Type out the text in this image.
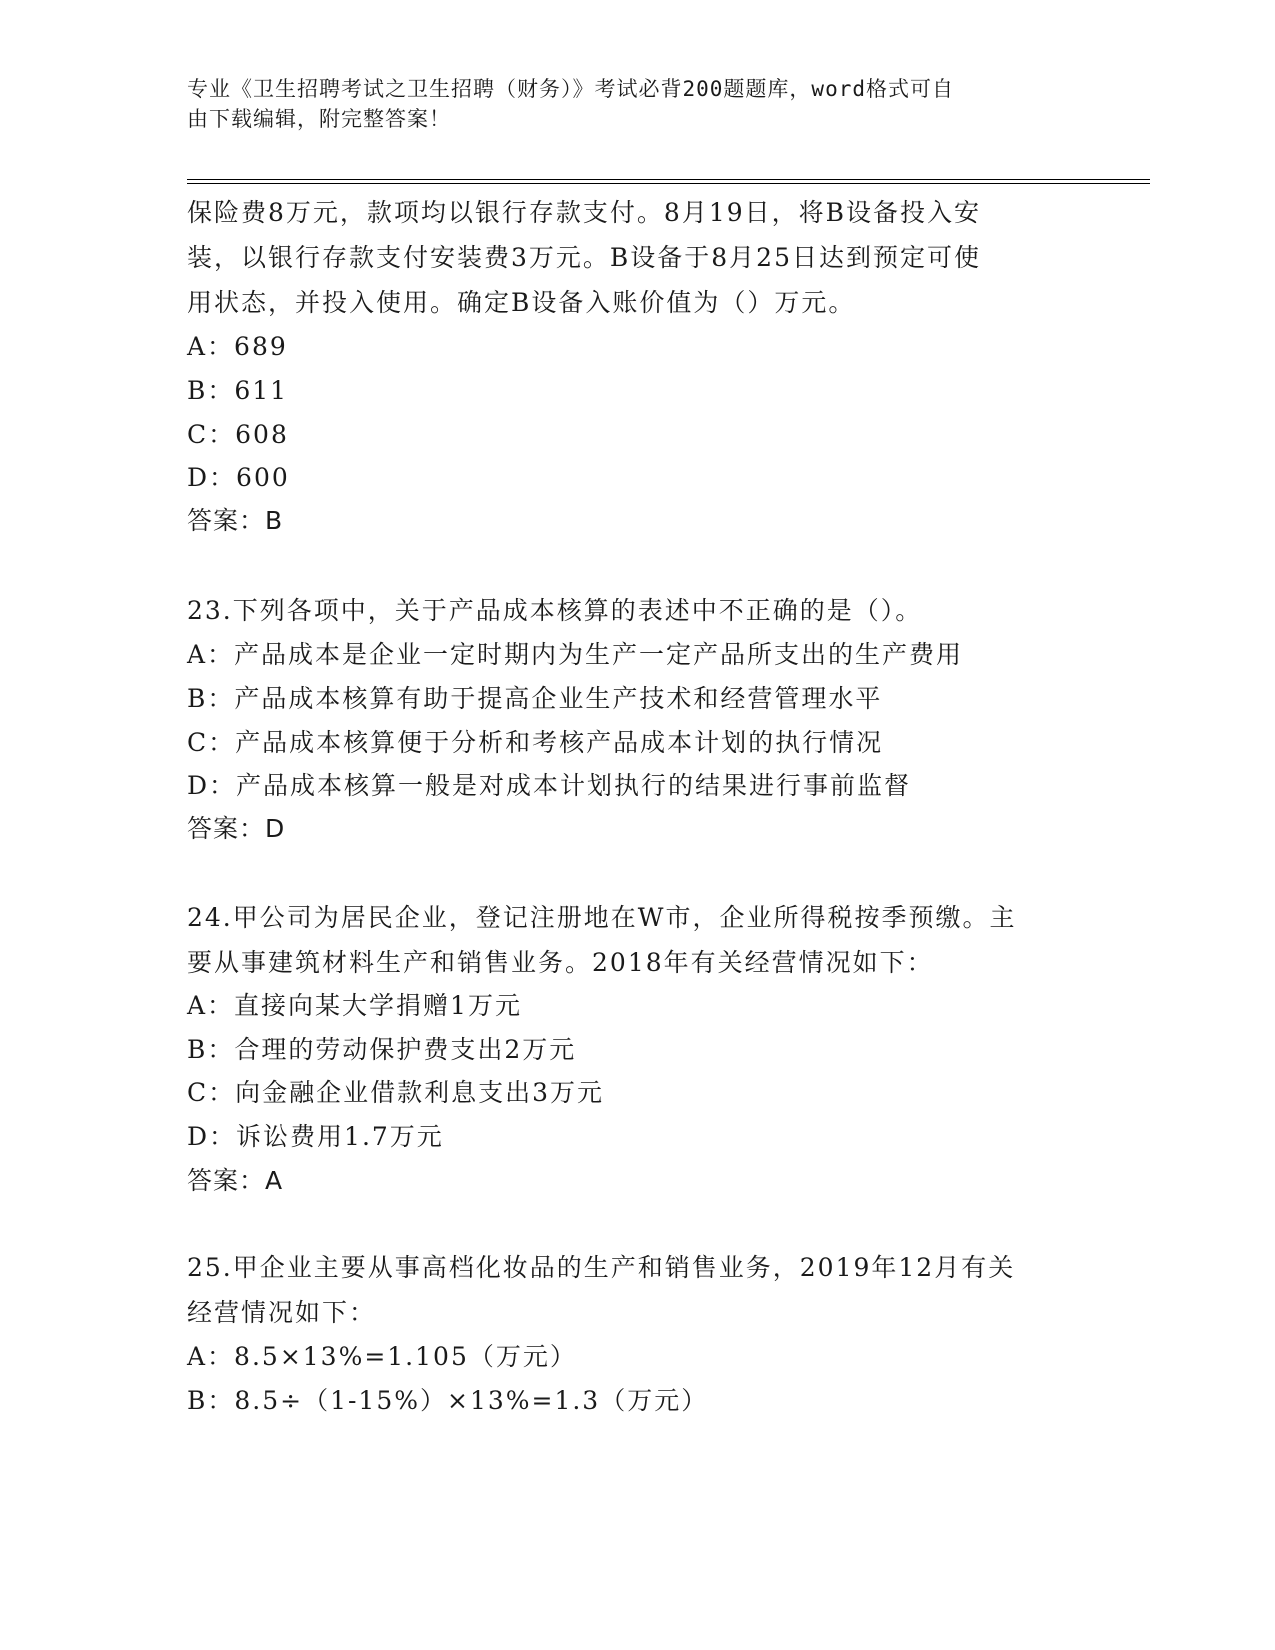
专业《卫生招聘考试之卫生招聘（财务）》考试必背200题题库，word格式可自
由下载编辑，附完整答案！
保险费8万元，款项均以银行存款支付。8月19日，将B设备投入安
装，以银行存款支付安装费3万元。B设备于8月25日达到预定可使
用状态，并投入使用。确定B设备入账价值为（）万元。
A：689
B：611
C：608
D：600
答案：B
23.下列各项中，关于产品成本核算的表述中不正确的是（）。
A：产品成本是企业一定时期内为生产一定产品所支出的生产费用
B：产品成本核算有助于提高企业生产技术和经营管理水平
C：产品成本核算便于分析和考核产品成本计划的执行情况
D：产品成本核算一般是对成本计划执行的结果进行事前监督
答案：D
24.甲公司为居民企业，登记注册地在W市，企业所得税按季预缴。主
要从事建筑材料生产和销售业务。2018年有关经营情况如下：
A：直接向某大学捐赠1万元
B：合理的劳动保护费支出2万元
C：向金融企业借款利息支出3万元
D：诉讼费用1.7万元
答案：A
25.甲企业主要从事高档化妆品的生产和销售业务，2019年12月有关
经营情况如下：
A：8.5×13%=1.105（万元）
B：8.5÷（1-15%）×13%=1.3（万元）
